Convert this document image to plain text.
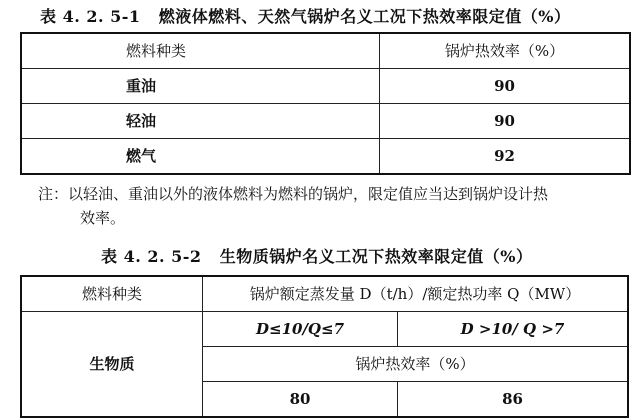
表 4. 2. 5-1 燃液体燃料、天然气锅炉名义工况下热效率限定值（%）
燃料种类	锅炉热效率（%）
重油	90
轻油	90
燃气	92
注：以轻油、重油以外的液体燃料为燃料的锅炉，限定值应当达到锅炉设计热
效率。
表 4. 2. 5-2 生物质锅炉名义工况下热效率限定值（%）
燃料种类	锅炉额定蒸发量 D（t/h）/额定热功率 Q（MW）	
生物质	D≤10/Q≤7	D >10/ Q >7
	锅炉热效率（%）	
	80	86
